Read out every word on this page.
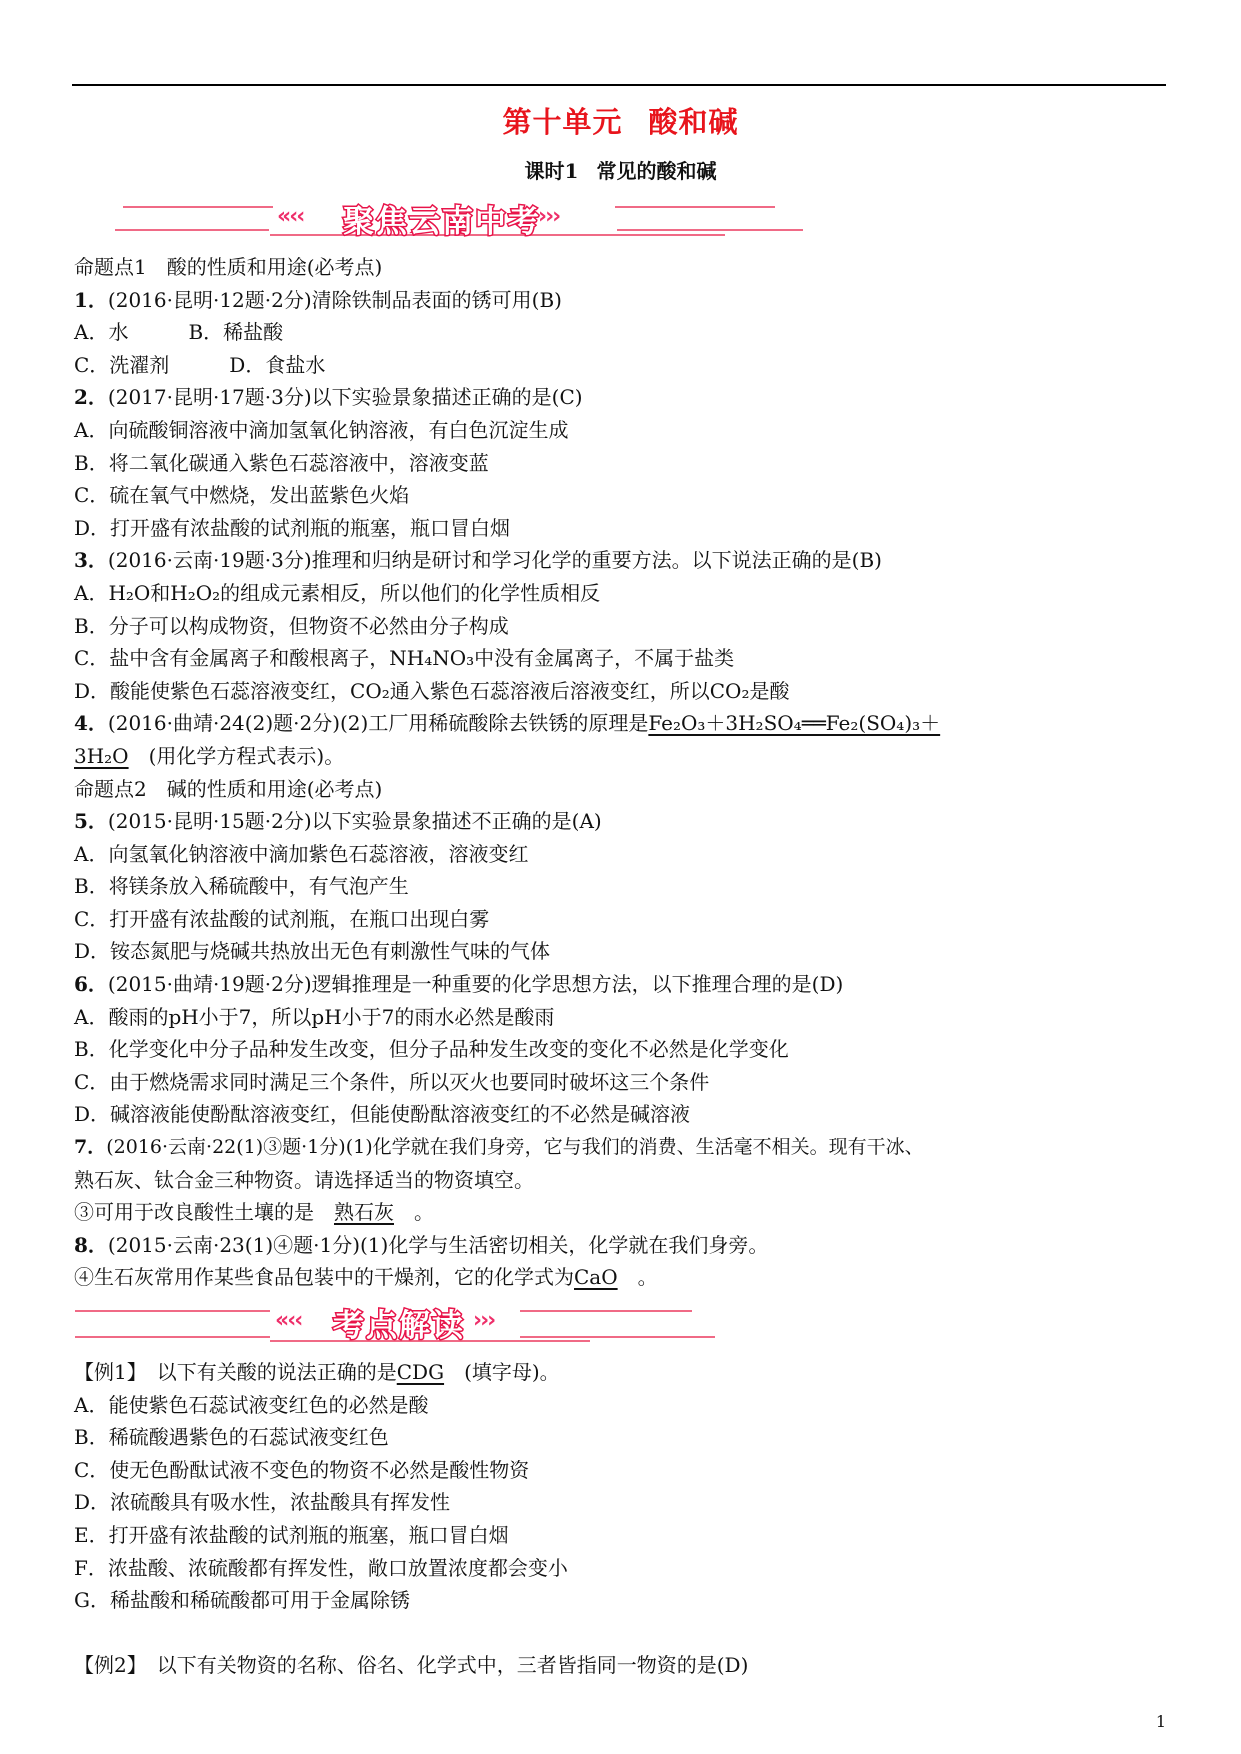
第十单元 酸和碱
课时1 常见的酸和碱
«‹‹ 聚焦云南中考
›››
命题点1　 酸的性质和用途(必考点)
1．(2016·昆明·12题·2分)清除铁制品表面的锈可用(B)
A．水　　　B．稀盐酸
C．洗濯剂　　　D．食盐水
2．(2017·昆明·17题·3分)以下实验景象描述正确的是(C)
A．向硫酸铜溶液中滴加氢氧化钠溶液，有白色沉淀生成
B．将二氧化碳通入紫色石蕊溶液中，溶液变蓝
C．硫在氧气中燃烧，发出蓝紫色火焰
D．打开盛有浓盐酸的试剂瓶的瓶塞，瓶口冒白烟
3．(2016·云南·19题·3分)推理和归纳是研讨和学习化学的重要方法。以下说法正确的是(B)
A．H₂O和H₂O₂的组成元素相反，所以他们的化学性质相反
B．分子可以构成物资，但物资不必然由分子构成
C．盐中含有金属离子和酸根离子，NH₄NO₃中没有金属离子，不属于盐类
D．酸能使紫色石蕊溶液变红，CO₂通入紫色石蕊溶液后溶液变红，所以CO₂是酸
4．(2016·曲靖·24(2)题·2分)(2)工厂用稀硫酸除去铁锈的原理是Fe₂O₃＋3H₂SO₄══Fe₂(SO₄)₃＋
3H₂O　 (用化学方程式表示)。
命题点2　 碱的性质和用途(必考点)
5．(2015·昆明·15题·2分)以下实验景象描述不正确的是(A)
A．向氢氧化钠溶液中滴加紫色石蕊溶液，溶液变红
B．将镁条放入稀硫酸中，有气泡产生
C．打开盛有浓盐酸的试剂瓶，在瓶口出现白雾
D．铵态氮肥与烧碱共热放出无色有刺激性气味的气体
6．(2015·曲靖·19题·2分)逻辑推理是一种重要的化学思想方法，以下推理合理的是(D)
A．酸雨的pH小于7，所以pH小于7的雨水必然是酸雨
B．化学变化中分子品种发生改变，但分子品种发生改变的变化不必然是化学变化
C．由于燃烧需求同时满足三个条件，所以灭火也要同时破坏这三个条件
D．碱溶液能使酚酞溶液变红，但能使酚酞溶液变红的不必然是碱溶液
7．(2016·云南·22(1)③题·1分)(1)化学就在我们身旁，它与我们的消费、生活毫不相关。现有干冰、
熟石灰、钛合金三种物资。请选择适当的物资填空。
③可用于改良酸性土壤的是　 熟石灰　 。
8．(2015·云南·23(1)④题·1分)(1)化学与生活密切相关，化学就在我们身旁。
④生石灰常用作某些食品包装中的干燥剂，它的化学式为CaO　 。
«‹‹ 考点解读 ›››
【例1】　 以下有关酸的说法正确的是CDG　 (填字母)。
A．能使紫色石蕊试液变红色的必然是酸
B．稀硫酸遇紫色的石蕊试液变红色
C．使无色酚酞试液不变色的物资不必然是酸性物资
D．浓硫酸具有吸水性，浓盐酸具有挥发性
E．打开盛有浓盐酸的试剂瓶的瓶塞，瓶口冒白烟
F．浓盐酸、浓硫酸都有挥发性，敞口放置浓度都会变小
G．稀盐酸和稀硫酸都可用于金属除锈
【例2】　 以下有关物资的名称、俗名、化学式中，三者皆指同一物资的是(D)
1
